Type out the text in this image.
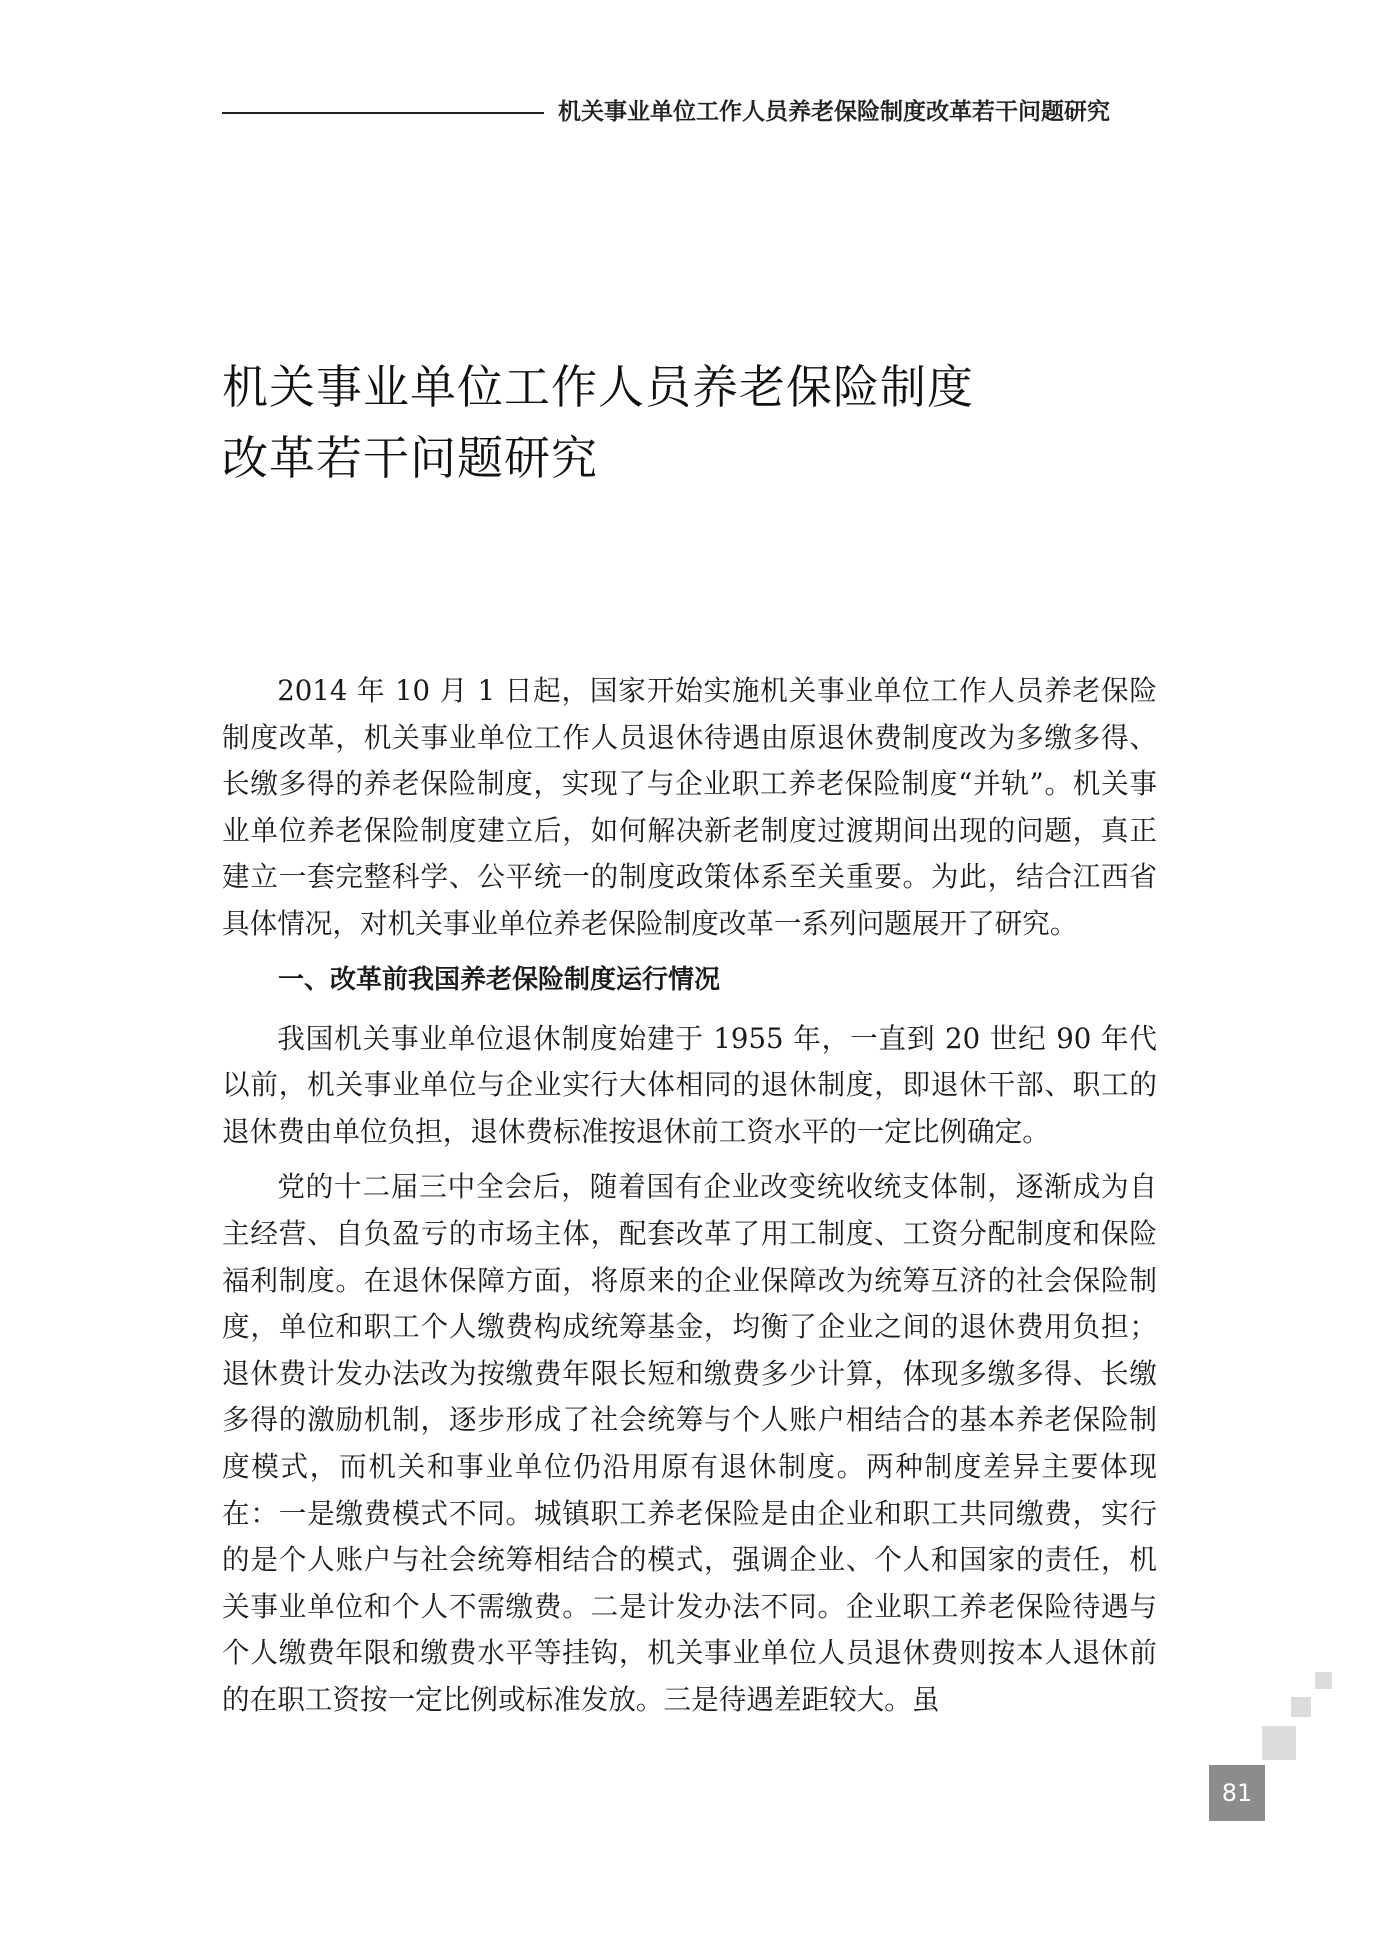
机关事业单位工作人员养老保险制度改革若干问题研究
机关事业单位工作人员养老保险制度
改革若干问题研究

2014 年 10 月 1 日起，国家开始实施机关事业单位工作人员养老保险制度改革，机关事业单位工作人员退休待遇由原退休费制度改为多缴多得、长缴多得的养老保险制度，实现了与企业职工养老保险制度“并轨”。机关事业单位养老保险制度建立后，如何解决新老制度过渡期间出现的问题，真正建立一套完整科学、公平统一的制度政策体系至关重要。为此，结合江西省具体情况，对机关事业单位养老保险制度改革一系列问题展开了研究。

一、改革前我国养老保险制度运行情况

我国机关事业单位退休制度始建于 1955 年，一直到 20 世纪 90 年代以前，机关事业单位与企业实行大体相同的退休制度，即退休干部、职工的退休费由单位负担，退休费标准按退休前工资水平的一定比例确定。

党的十二届三中全会后，随着国有企业改变统收统支体制，逐渐成为自主经营、自负盈亏的市场主体，配套改革了用工制度、工资分配制度和保险福利制度。在退休保障方面，将原来的企业保障改为统筹互济的社会保险制度，单位和职工个人缴费构成统筹基金，均衡了企业之间的退休费用负担；退休费计发办法改为按缴费年限长短和缴费多少计算，体现多缴多得、长缴多得的激励机制，逐步形成了社会统筹与个人账户相结合的基本养老保险制度模式，而机关和事业单位仍沿用原有退休制度。两种制度差异主要体现在：一是缴费模式不同。城镇职工养老保险是由企业和职工共同缴费，实行的是个人账户与社会统筹相结合的模式，强调企业、个人和国家的责任，机关事业单位和个人不需缴费。二是计发办法不同。企业职工养老保险待遇与个人缴费年限和缴费水平等挂钩，机关事业单位人员退休费则按本人退休前的在职工资按一定比例或标准发放。三是待遇差距较大。虽

81
